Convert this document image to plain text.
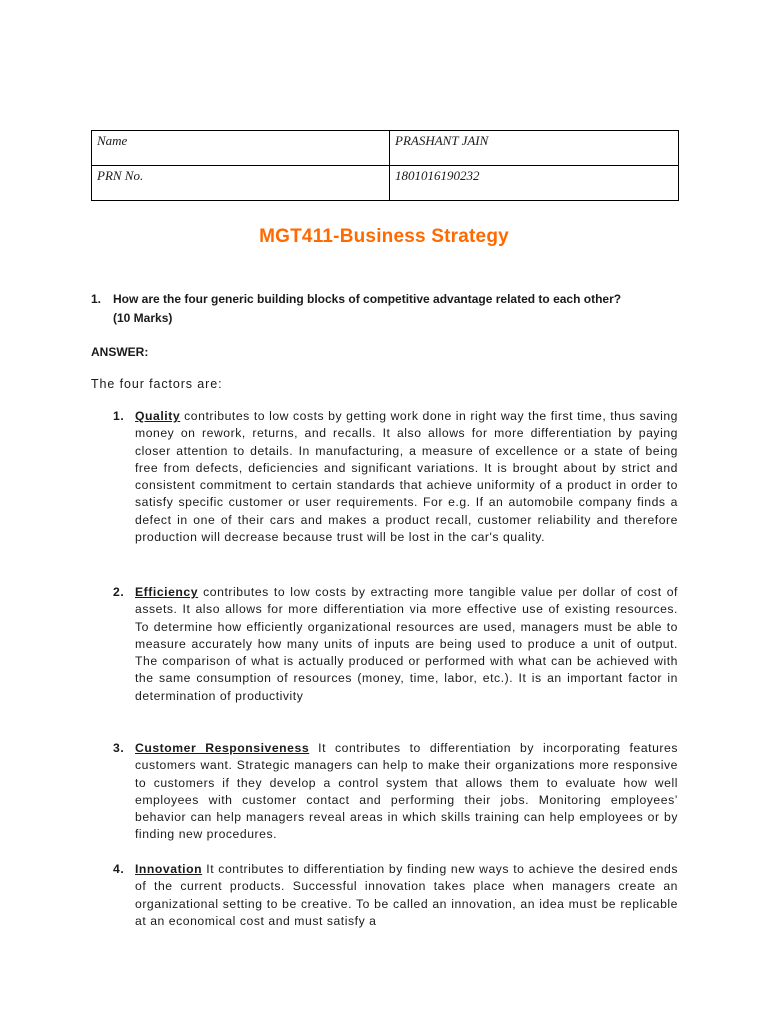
Name	PRASHANT JAIN
PRN No.	1801016190232
MGT411-Business Strategy
1. How are the four generic building blocks of competitive advantage related to each other?
(10 Marks)
ANSWER:
The four factors are:
1. Quality contributes to low costs by getting work done in right way the first time, thus saving money on rework, returns, and recalls. It also allows for more differentiation by paying closer attention to details. In manufacturing, a measure of excellence or a state of being free from defects, deficiencies and significant variations. It is brought about by strict and consistent commitment to certain standards that achieve uniformity of a product in order to satisfy specific customer or user requirements. For e.g. If an automobile company finds a defect in one of their cars and makes a product recall, customer reliability and therefore production will decrease because trust will be lost in the car's quality.
2. Efficiency contributes to low costs by extracting more tangible value per dollar of cost of assets. It also allows for more differentiation via more effective use of existing resources. To determine how efficiently organizational resources are used, managers must be able to measure accurately how many units of inputs are being used to produce a unit of output. The comparison of what is actually produced or performed with what can be achieved with the same consumption of resources (money, time, labor, etc.). It is an important factor in determination of productivity
3. Customer Responsiveness It contributes to differentiation by incorporating features customers want. Strategic managers can help to make their organizations more responsive to customers if they develop a control system that allows them to evaluate how well employees with customer contact and performing their jobs. Monitoring employees’ behavior can help managers reveal areas in which skills training can help employees or by finding new procedures.
4. Innovation It contributes to differentiation by finding new ways to achieve the desired ends of the current products. Successful innovation takes place when managers create an organizational setting to be creative. To be called an innovation, an idea must be replicable at an economical cost and must satisfy a
